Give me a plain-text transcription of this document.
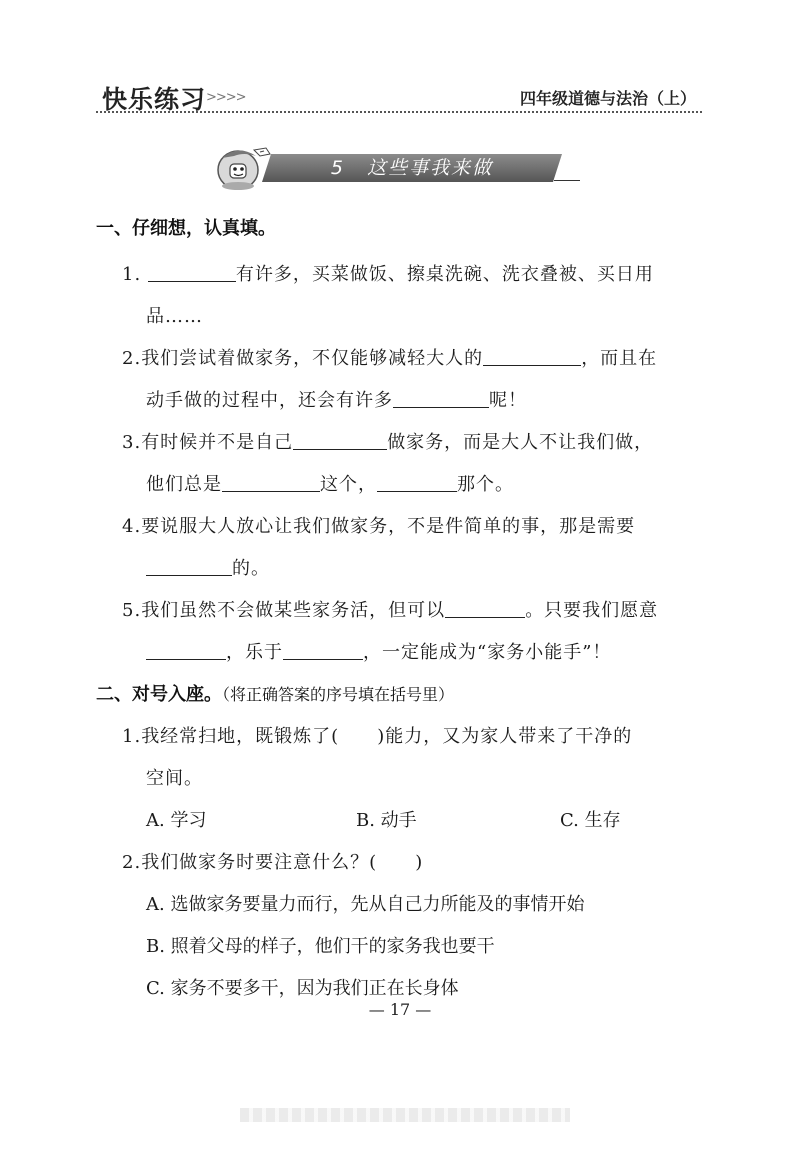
快乐练习 >>>>	四年级道德与法治（上）
5 这些事我来做
一、仔细想，认真填。
1.	有许多，买菜做饭、擦桌洗碗、洗衣叠被、买日用
品……
2.我们尝试着做家务，不仅能够减轻大人的	，而且在
动手做的过程中，还会有许多	呢！
3.有时候并不是自己	做家务，而是大人不让我们做，
他们总是	这个，	那个。
4.要说服大人放心让我们做家务，不是件简单的事，那是需要
的。
5.我们虽然不会做某些家务活，但可以	。只要我们愿意
，乐于	，一定能成为“家务小能手”！
二、对号入座。（将正确答案的序号填在括号里）
1.我经常扫地，既锻炼了(　　)能力，又为家人带来了干净的
空间。
A. 学习	B. 动手	C. 生存
2.我们做家务时要注意什么？(　　)
A. 选做家务要量力而行，先从自己力所能及的事情开始
B. 照着父母的样子，他们干的家务我也要干
C. 家务不要多干，因为我们正在长身体
— 17 —
